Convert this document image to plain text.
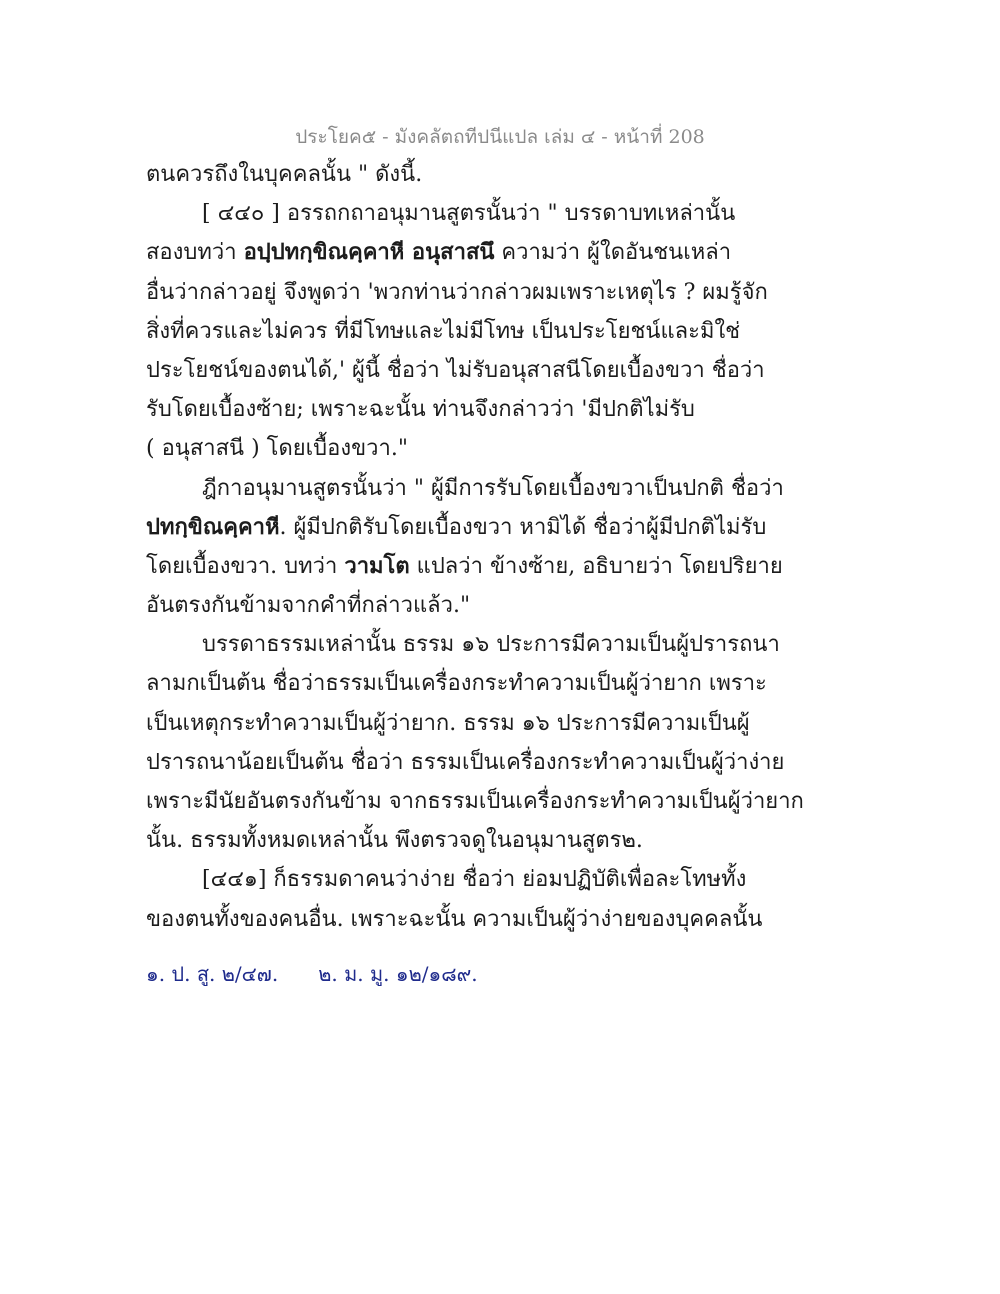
ประโยค๕ - มังคลัตถทีปนีแปล เล่ม ๔ - หน้าที่ 208
ตนควรถึงในบุคคลนั้น " ดังนี้.
[ ๔๔๐ ] อรรถกถาอนุมานสูตรนั้นว่า " บรรดาบทเหล่านั้น
สองบทว่า อปฺปทกฺขิณคฺคาหี อนุสาสนึ ความว่า ผู้ใดอันชนเหล่า
อื่นว่ากล่าวอยู่ จึงพูดว่า 'พวกท่านว่ากล่าวผมเพราะเหตุไร ? ผมรู้จัก
สิ่งที่ควรและไม่ควร ที่มีโทษและไม่มีโทษ เป็นประโยชน์และมิใช่
ประโยชน์ของตนได้,' ผู้นี้ ชื่อว่า ไม่รับอนุสาสนีโดยเบื้องขวา ชื่อว่า
รับโดยเบื้องซ้าย; เพราะฉะนั้น ท่านจึงกล่าวว่า 'มีปกติไม่รับ
( อนุสาสนี ) โดยเบื้องขวา."
ฎีกาอนุมานสูตรนั้นว่า " ผู้มีการรับโดยเบื้องขวาเป็นปกติ ชื่อว่า
ปทกฺขิณคฺคาหี. ผู้มีปกติรับโดยเบื้องขวา หามิได้ ชื่อว่าผู้มีปกติไม่รับ
โดยเบื้องขวา. บทว่า วามโต แปลว่า ข้างซ้าย, อธิบายว่า โดยปริยาย
อันตรงกันข้ามจากคำที่กล่าวแล้ว."
บรรดาธรรมเหล่านั้น ธรรม ๑๖ ประการมีความเป็นผู้ปรารถนา
ลามกเป็นต้น ชื่อว่าธรรมเป็นเครื่องกระทำความเป็นผู้ว่ายาก เพราะ
เป็นเหตุกระทำความเป็นผู้ว่ายาก. ธรรม ๑๖ ประการมีความเป็นผู้
ปรารถนาน้อยเป็นต้น ชื่อว่า ธรรมเป็นเครื่องกระทำความเป็นผู้ว่าง่าย
เพราะมีนัยอันตรงกันข้าม จากธรรมเป็นเครื่องกระทำความเป็นผู้ว่ายาก
นั้น. ธรรมทั้งหมดเหล่านั้น พึงตรวจดูในอนุมานสูตร๒.
[๔๔๑] ก็ธรรมดาคนว่าง่าย ชื่อว่า ย่อมปฏิบัติเพื่อละโทษทั้ง
ของตนทั้งของคนอื่น. เพราะฉะนั้น ความเป็นผู้ว่าง่ายของบุคคลนั้น
๑. ป. สู. ๒/๔๗. ๒. ม. มู. ๑๒/๑๘๙.
